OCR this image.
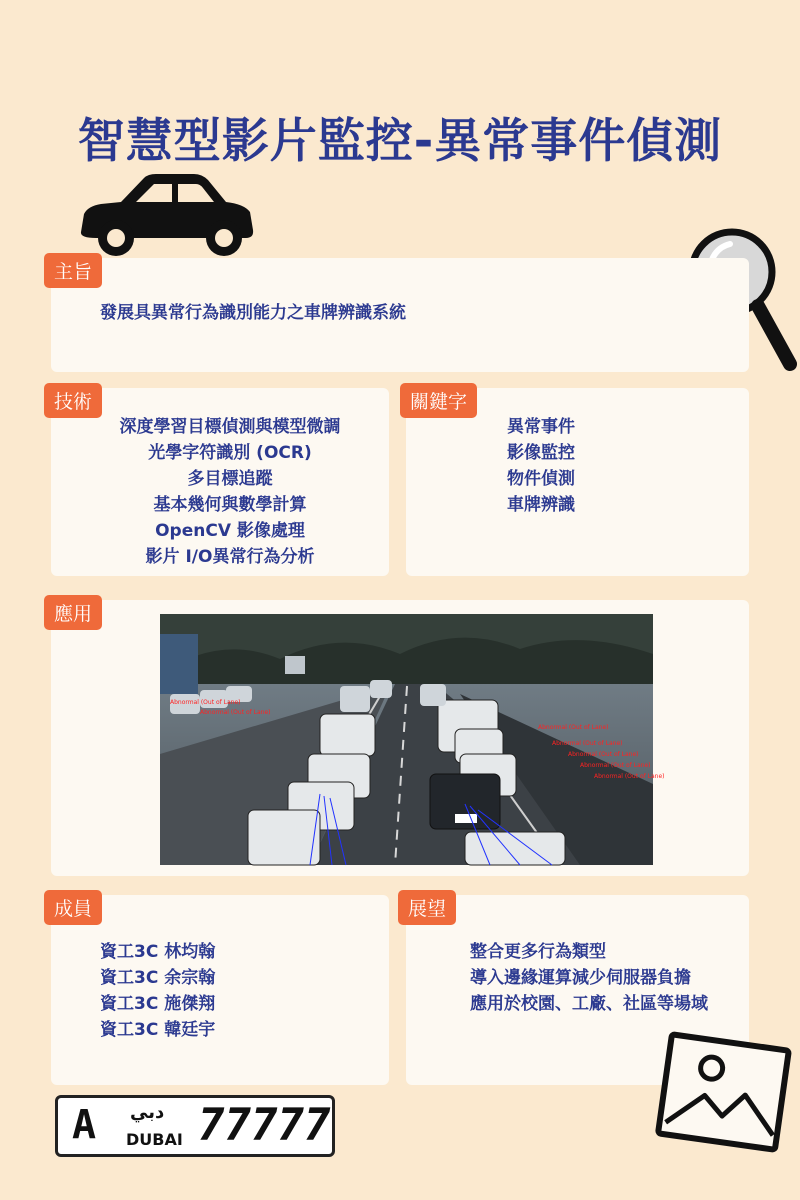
智慧型影片監控-異常事件偵測
主旨
發展具異常行為識別能力之車牌辨識系統
技術
深度學習目標偵測與模型微調
光學字符識別 (OCR)
多目標追蹤
基本幾何與數學計算
OpenCV 影像處理
影片 I/O異常行為分析
關鍵字
異常事件
影像監控
物件偵測
車牌辨識
應用
Abnormal (Out of Lane)
Abnormal (Out of Lane)
Abnormal (Out of Lane)
Abnormal (Out of Lane)
Abnormal (Out of Lane)
Abnormal (Out of Lane)
Abnormal (Out of Lane)
成員
資工3C 林均翰
資工3C 余宗翰
資工3C 施傑翔
資工3C 韓廷宇
展望
整合更多行為類型
導入邊緣運算減少伺服器負擔
應用於校園、工廠、社區等場域
A دبي
DUBAI 77777
